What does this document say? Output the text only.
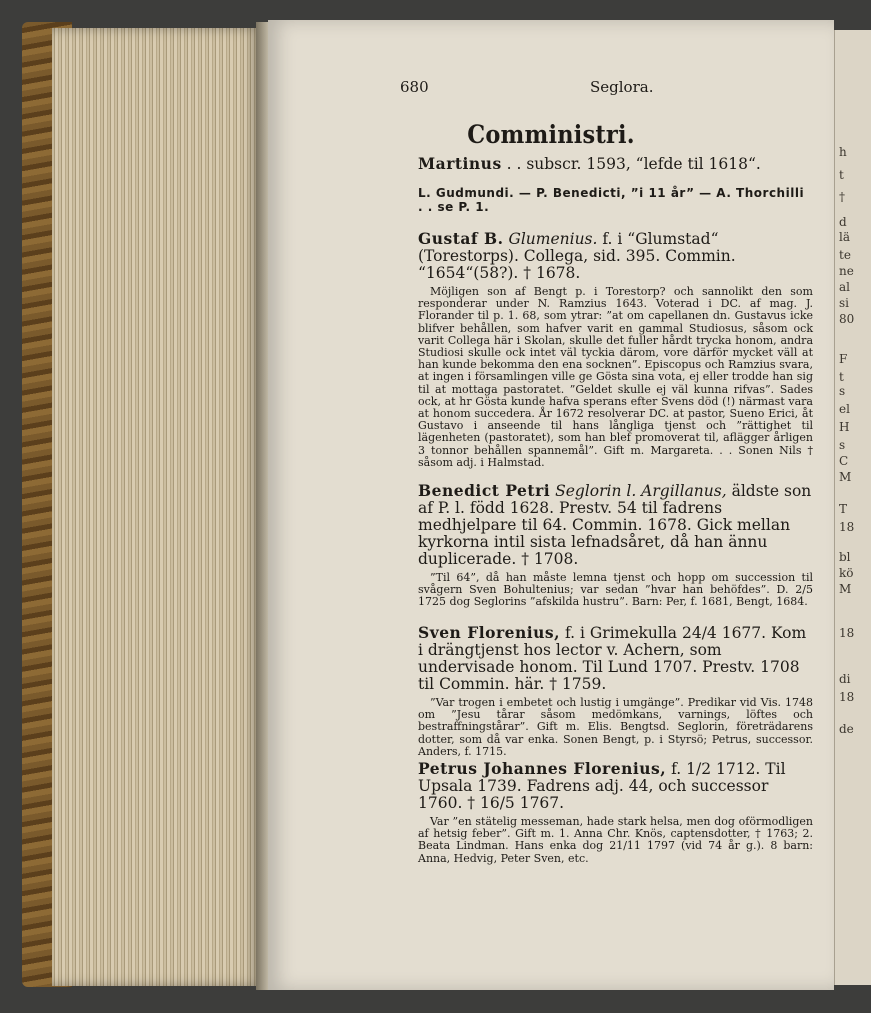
680	Seglora.
Comministri.
Martinus . . subscr. 1593, “lefde til 1618“.
L. Gudmundi. — P. Benedicti, ”i 11 år” — A. Thorchilli . . se P. 1.

Gustaf B. Glumenius. f. i “Glumstad“ (Torestorps). Collega, sid. 395. Commin. “1654“(58?). † 1678.

Möjligen son af Bengt p. i Torestorp? och sannolikt den som responderar under N. Ramzius 1643. Voterad i DC. af mag. J. Florander til p. 1. 68, som ytrar: ”at om capellanen dn. Gustavus icke blifver behållen, som hafver varit en gammal Studiosus, såsom ock varit Collega här i Skolan, skulle det fuller hårdt trycka honom, andra Studiosi skulle ock intet väl tyckia därom, vore därför mycket väll at han kunde bekomma den ena socknen”. Episcopus och Ramzius svara, at ingen i församlingen ville ge Gösta sina vota, ej eller trodde han sig til at mottaga pastoratet. ”Geldet skulle ej väl kunna rifvas”. Sades ock, at hr Gösta kunde hafva sperans efter Svens död (!) närmast vara at honom succedera. År 1672 resolverar DC. at pastor, Sueno Erici, åt Gustavo i anseende til hans långliga tjenst och ”rättighet til lägenheten (pastoratet), som han blef promoverat til, aflägger årligen 3 tonnor behållen spannemål”. Gift m. Margareta. . . Sonen Nils † såsom adj. i Halmstad.

Benedict Petri Seglorin l. Argillanus, äldste son af P. l. född 1628. Prestv. 54 til fadrens medhjelpare til 64. Commin. 1678. Gick mellan kyrkorna intil sista lefnadsåret, då han ännu duplicerade. † 1708.

”Til 64”, då han måste lemna tjenst och hopp om succession til svågern Sven Bohultenius; var sedan ”hvar han behöfdes”. D. 2/5 1725 dog Seglorins ”afskilda hustru”. Barn: Per, f. 1681, Bengt, 1684.

Sven Florenius, f. i Grimekulla 24/4 1677. Kom i drängtjenst hos lector v. Achern, som undervisade honom. Til Lund 1707. Prestv. 1708 til Commin. här. † 1759.

”Var trogen i embetet och lustig i umgänge”. Predikar vid Vis. 1748 om ”Jesu tårar såsom medömkans, varnings, löftes och bestraffningstårar”. Gift m. Elis. Bengtsd. Seglorin, företrädarens dotter, som då var enka. Sonen Bengt, p. i Styrsö; Petrus, successor. Anders, f. 1715.

Petrus Johannes Florenius, f. 1/2 1712. Til Upsala 1739. Fadrens adj. 44, och successor 1760. † 16/5 1767.

Var ”en stätelig messeman, hade stark helsa, men dog oförmodligen af hetsig feber”. Gift m. 1. Anna Chr. Knös, captensdotter, † 1763; 2. Beata Lindman. Hans enka dog 21/11 1797 (vid 74 år g.). 8 barn: Anna, Hedvig, Peter Sven, etc.

h
t
†
d
lä
te
ne
al
si
80
F
t
s
el
H
s
C
M
T
18
bl
kö
M
18
di
18
de
